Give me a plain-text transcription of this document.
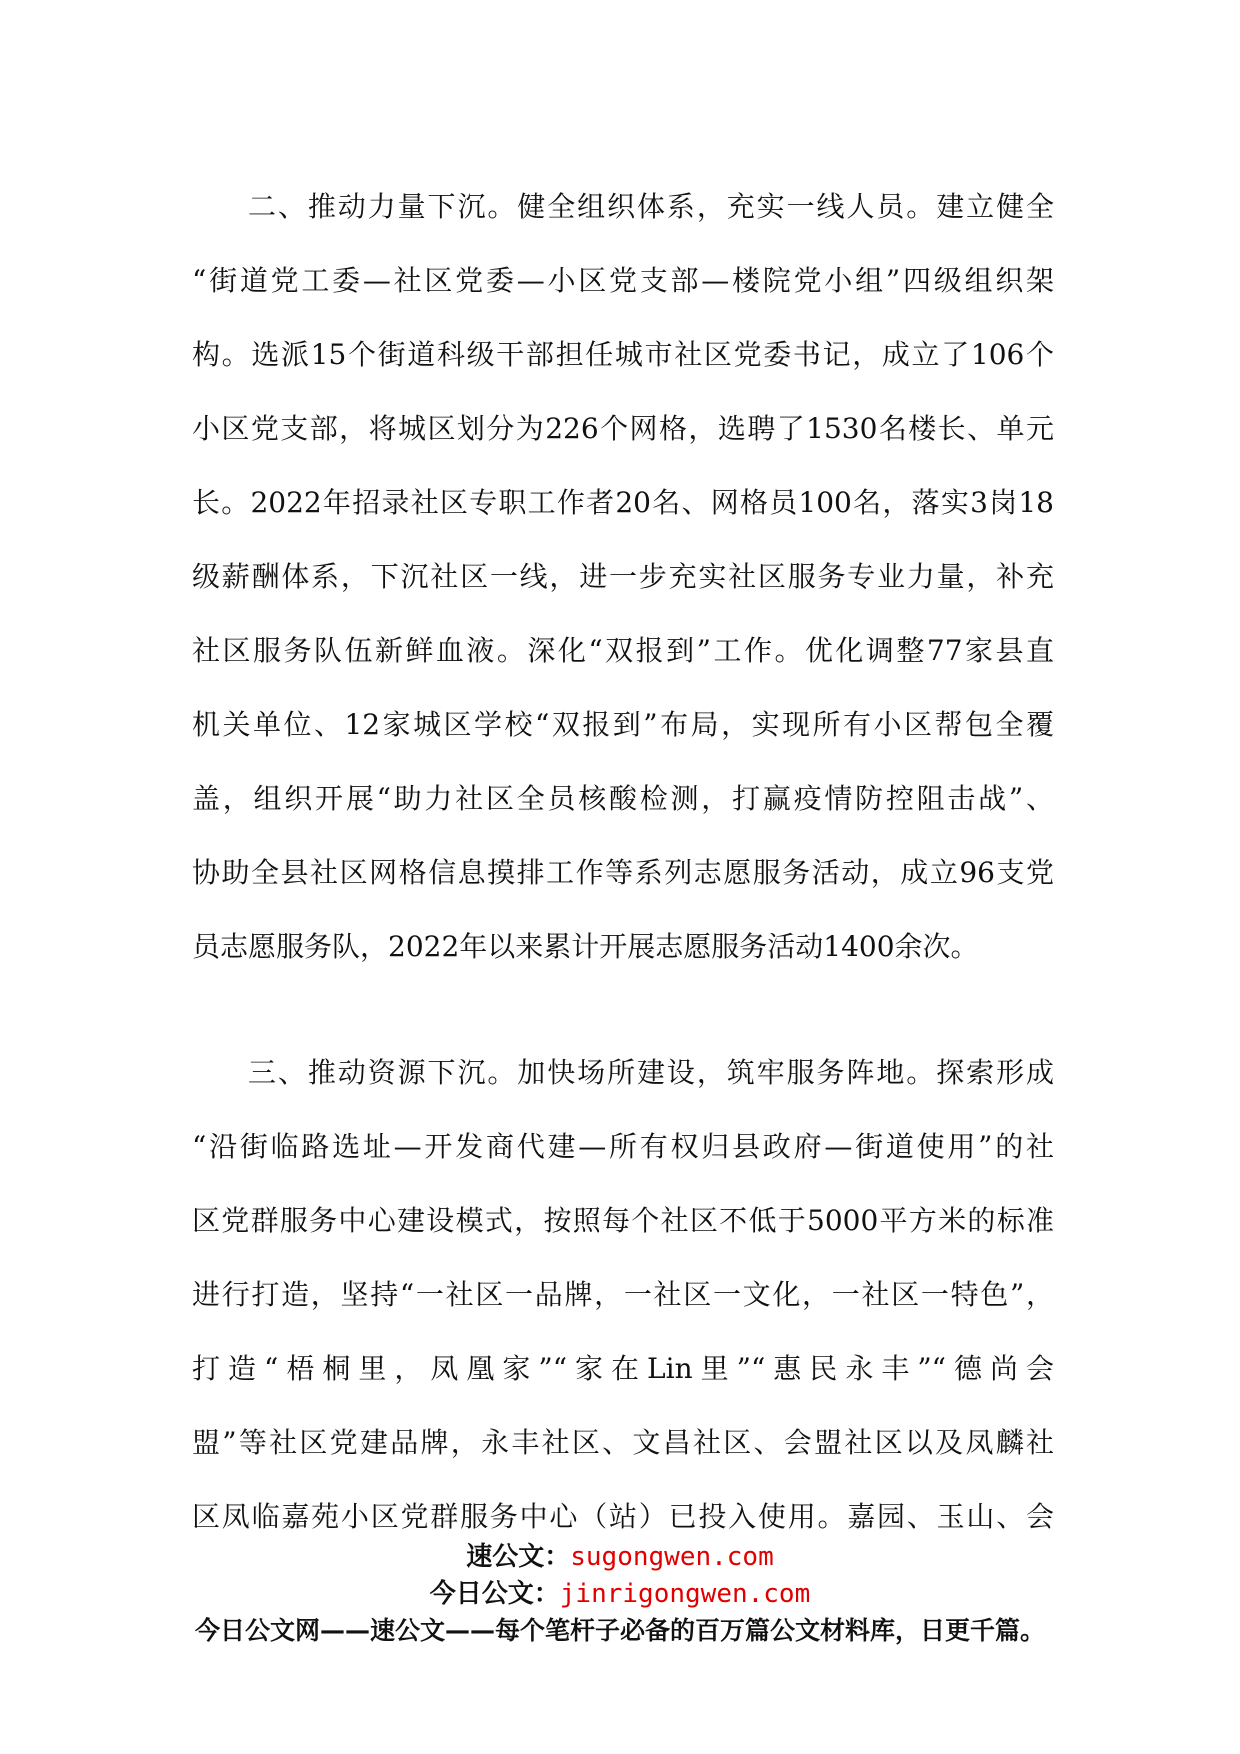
二、推动力量下沉。健全组织体系，充实一线人员。建立健全
“街道党工委—社区党委—小区党支部—楼院党小组”四级组织架
构。选派15个街道科级干部担任城市社区党委书记，成立了106个
小区党支部，将城区划分为226个网格，选聘了1530名楼长、单元
长。2022年招录社区专职工作者20名、网格员100名，落实3岗18
级薪酬体系，下沉社区一线，进一步充实社区服务专业力量，补充
社区服务队伍新鲜血液。深化“双报到”工作。优化调整77家县直
机关单位、12家城区学校“双报到”布局，实现所有小区帮包全覆
盖，组织开展“助力社区全员核酸检测，打赢疫情防控阻击战”、
协助全县社区网格信息摸排工作等系列志愿服务活动，成立96支党
员志愿服务队，2022年以来累计开展志愿服务活动1400余次。
三、推动资源下沉。加快场所建设，筑牢服务阵地。探索形成
“沿街临路选址—开发商代建—所有权归县政府—街道使用”的社
区党群服务中心建设模式，按照每个社区不低于5000平方米的标准
进行打造，坚持“一社区一品牌，一社区一文化，一社区一特色”，
打造“梧桐里，凤凰家”“家在Lin里”“惠民永丰”“德尚会
盟”等社区党建品牌，永丰社区、文昌社区、会盟社区以及凤麟社
区凤临嘉苑小区党群服务中心（站）已投入使用。嘉园、玉山、会
速公文：sugongwen.com
今日公文：jinrigongwen.com
今日公文网——速公文——每个笔杆子必备的百万篇公文材料库，日更千篇。
